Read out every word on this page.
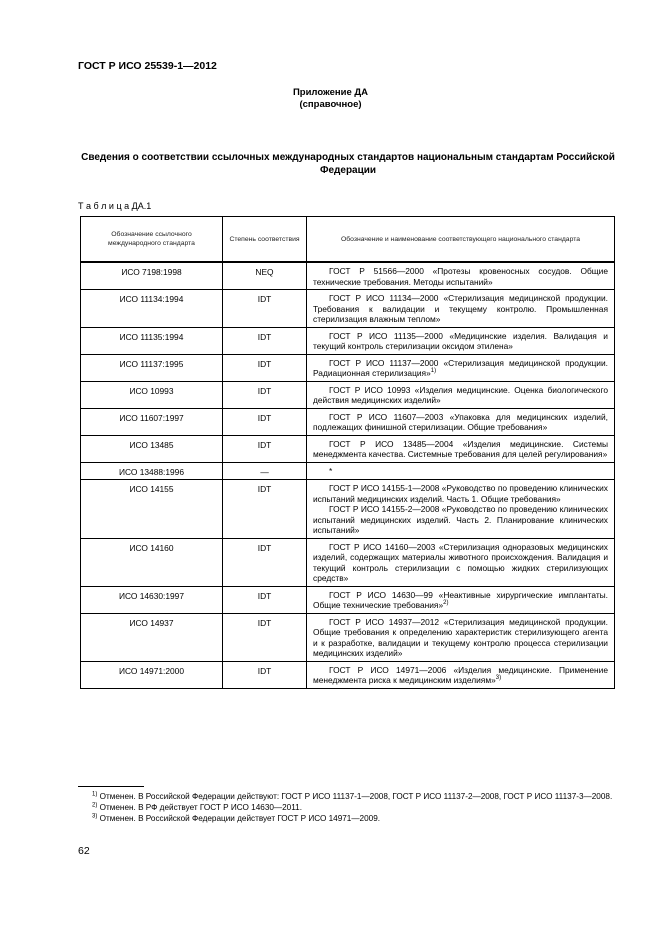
ГОСТ Р ИСО 25539-1—2012
Приложение ДА
(справочное)
Сведения о соответствии ссылочных международных стандартов национальным стандартам Российской Федерации
Т а б л и ц а ДА.1
Обозначение ссылочного международного стандарта	Степень соответствия	Обозначение и наименование соответствующего национального стандарта

ИСО 7198:1998	NEQ	ГОСТ Р 51566—2000 «Протезы кровеносных сосудов. Общие технические требования. Методы испытаний»

ИСО 11134:1994	IDT	ГОСТ Р ИСО 11134—2000 «Стерилизация медицинской продукции. Требования к валидации и текущему контролю. Промышленная стерилизация влажным теплом»

ИСО 11135:1994	IDT	ГОСТ Р ИСО 11135—2000 «Медицинские изделия. Валидация и текущий контроль стерилизации оксидом этилена»

ИСО 11137:1995	IDT	ГОСТ Р ИСО 11137—2000 «Стерилизация медицинской продукции. Радиационная стерилизация»$^{1)}$

ИСО 10993	IDT	ГОСТ Р ИСО 10993 «Изделия медицинские. Оценка биологического действия медицинских изделий»

ИСО 11607:1997	IDT	ГОСТ Р ИСО 11607—2003 «Упаковка для медицинских изделий, подлежащих финишной стерилизации. Общие требования»

ИСО 13485	IDT	ГОСТ Р ИСО 13485—2004 «Изделия медицинские. Системы менеджмента качества. Системные требования для целей регулирования»

ИСО 13488:1996	—	*

ИСО 14155	IDT	ГОСТ Р ИСО 14155-1—2008 «Руководство по проведению клинических испытаний медицинских изделий. Часть 1. Общие требования»
ГОСТ Р ИСО 14155-2—2008 «Руководство по проведению клинических испытаний медицинских изделий. Часть 2. Планирование клинических испытаний»

ИСО 14160	IDT	ГОСТ Р ИСО 14160—2003 «Стерилизация одноразовых медицинских изделий, содержащих материалы животного происхождения. Валидация и текущий контроль стерилизации с помощью жидких стерилизующих средств»

ИСО 14630:1997	IDT	ГОСТ Р ИСО 14630—99 «Неактивные хирургические имплантаты. Общие технические требования»$^{2)}$

ИСО 14937	IDT	ГОСТ Р ИСО 14937—2012 «Стерилизация медицинской продукции. Общие требования к определению характеристик стерилизующего агента и к разработке, валидации и текущему контролю процесса стерилизации медицинских изделий»

ИСО 14971:2000	IDT	ГОСТ Р ИСО 14971—2006 «Изделия медицинские. Применение менеджмента риска к медицинским изделиям»$^{3)}$
$^{1)}$ Отменен. В Российской Федерации действуют: ГОСТ Р ИСО 11137-1—2008, ГОСТ Р ИСО 11137-2—2008, ГОСТ Р ИСО 11137-3—2008.
$^{2)}$ Отменен. В РФ действует ГОСТ Р ИСО 14630—2011.
$^{3)}$ Отменен. В Российской Федерации действует ГОСТ Р ИСО 14971—2009.
62
